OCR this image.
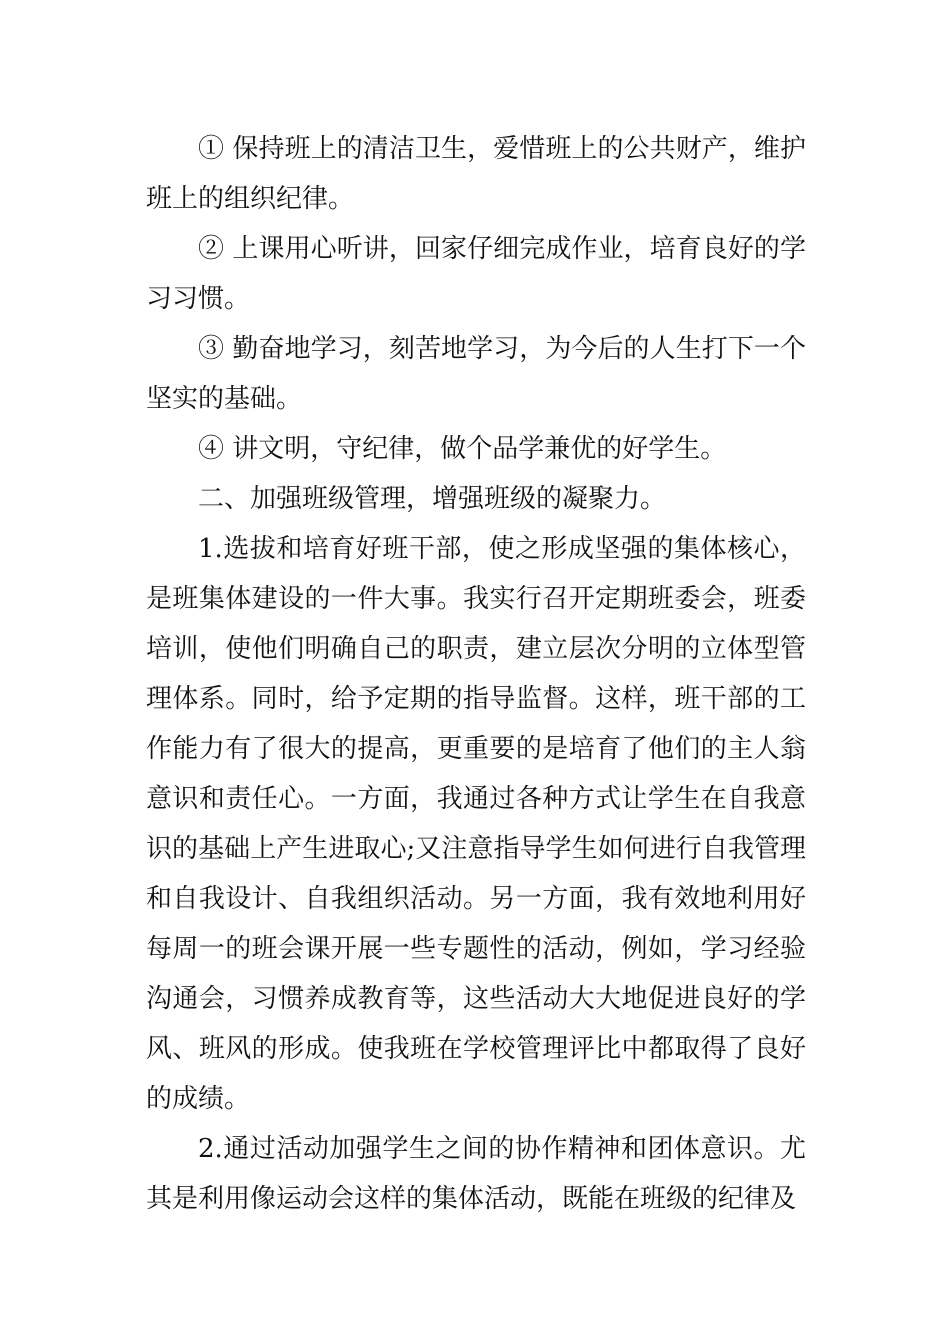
① 保持班上的清洁卫生，爱惜班上的公共财产，维护班上的组织纪律。

② 上课用心听讲，回家仔细完成作业，培育良好的学习习惯。

③ 勤奋地学习，刻苦地学习，为今后的人生打下一个坚实的基础。

④ 讲文明，守纪律，做个品学兼优的好学生。

二、加强班级管理，增强班级的凝聚力。

1.选拔和培育好班干部，使之形成坚强的集体核心，是班集体建设的一件大事。我实行召开定期班委会，班委培训，使他们明确自己的职责，建立层次分明的立体型管理体系。同时，给予定期的指导监督。这样，班干部的工作能力有了很大的提高，更重要的是培育了他们的主人翁意识和责任心。一方面，我通过各种方式让学生在自我意识的基础上产生进取心;又注意指导学生如何进行自我管理和自我设计、自我组织活动。另一方面，我有效地利用好每周一的班会课开展一些专题性的活动，例如，学习经验沟通会，习惯养成教育等，这些活动大大地促进良好的学风、班风的形成。使我班在学校管理评比中都取得了良好的成绩。

2.通过活动加强学生之间的协作精神和团体意识。尤其是利用像运动会这样的集体活动，既能在班级的纪律及
